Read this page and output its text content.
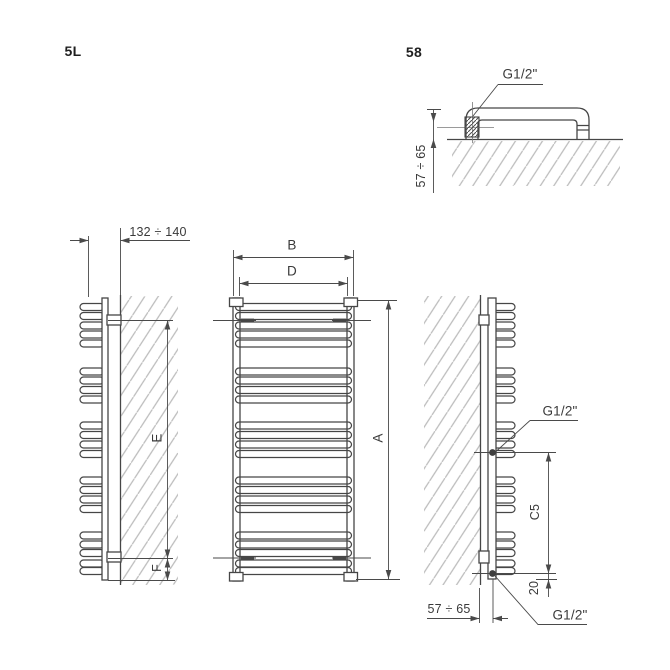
5L	58
G1/2"
57 ÷ 65
132 ÷ 140
E
F
B
D
A
G1/2"
C5
20
57 ÷ 65	G1/2"
